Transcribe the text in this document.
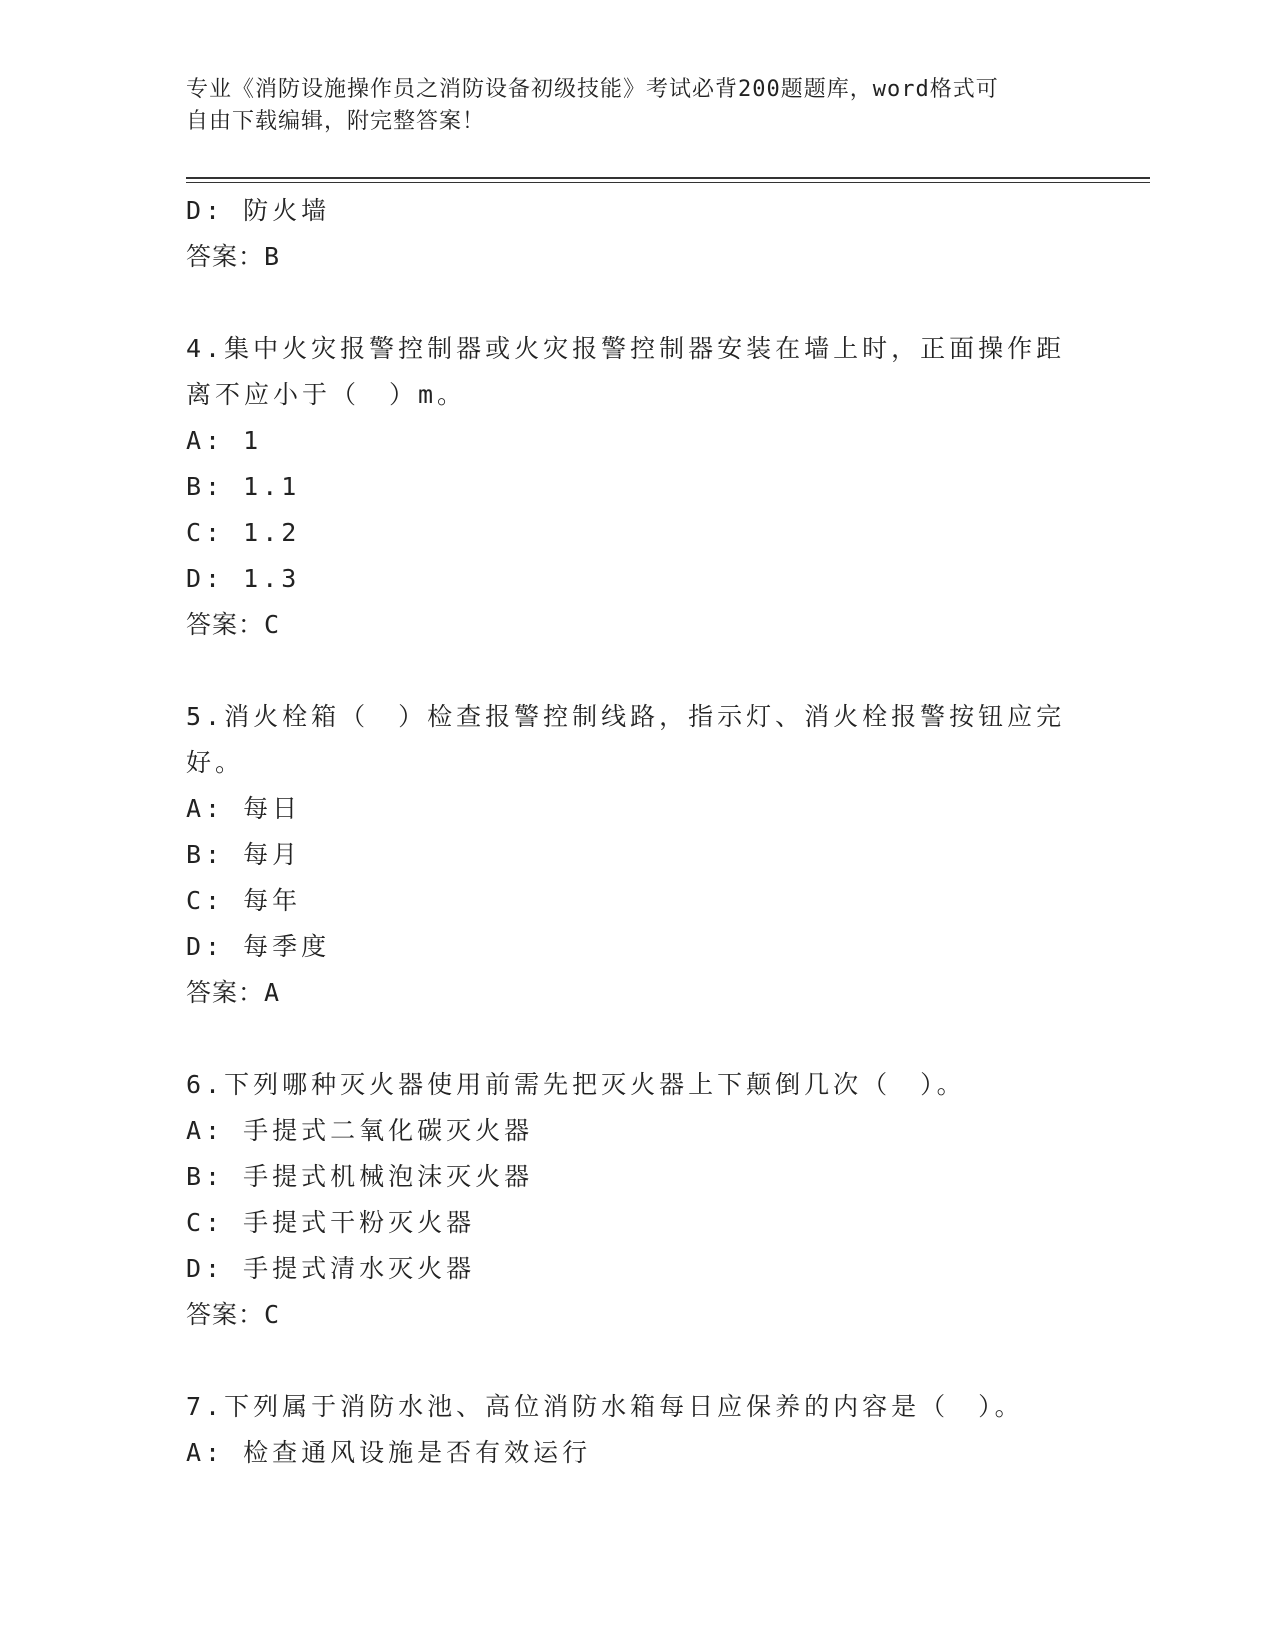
专业《消防设施操作员之消防设备初级技能》考试必背200题题库，word格式可
自由下载编辑，附完整答案！
D: 防火墙
答案：B
4.集中火灾报警控制器或火灾报警控制器安装在墙上时，正面操作距
离不应小于（　）m。
A: 1
B: 1.1
C: 1.2
D: 1.3
答案：C
5.消火栓箱（　）检查报警控制线路，指示灯、消火栓报警按钮应完
好。
A: 每日
B: 每月
C: 每年
D: 每季度
答案：A
6.下列哪种灭火器使用前需先把灭火器上下颠倒几次（　）。
A: 手提式二氧化碳灭火器
B: 手提式机械泡沫灭火器
C: 手提式干粉灭火器
D: 手提式清水灭火器
答案：C
7.下列属于消防水池、高位消防水箱每日应保养的内容是（　）。
A: 检查通风设施是否有效运行
